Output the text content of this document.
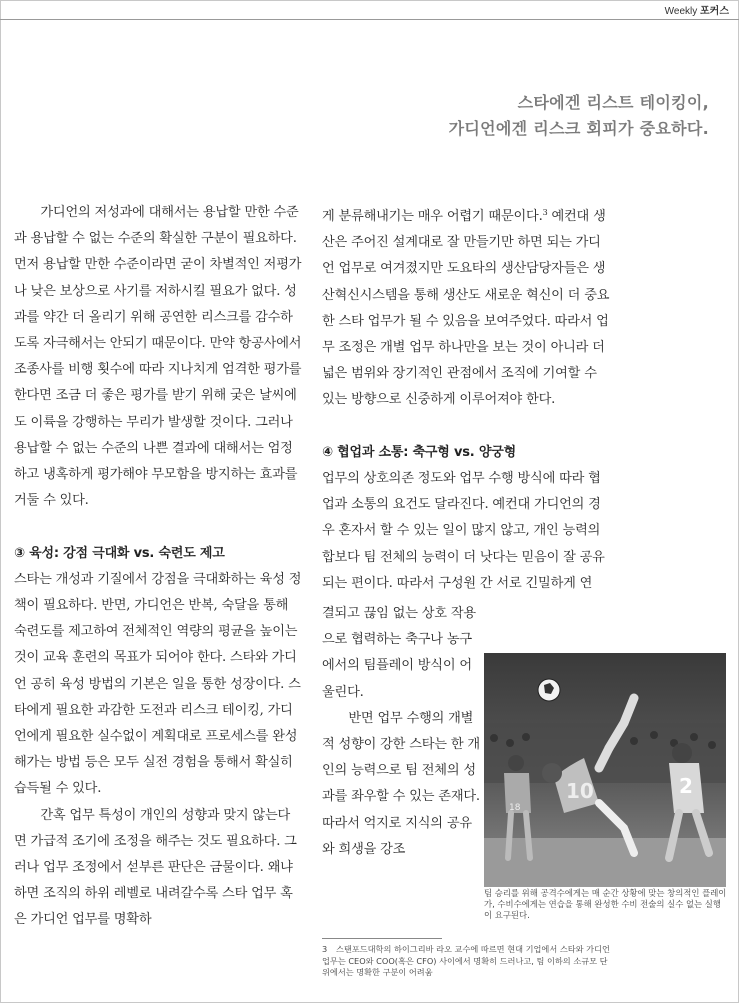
Weekly 포커스
스타에겐 리스트 테이킹이,
가디언에겐 리스크 회피가 중요하다.

가디언의 저성과에 대해서는 용납할 만한 수준과 용납할 수 없는 수준의 확실한 구분이 필요하다. 먼저 용납할 만한 수준이라면 굳이 차별적인 저평가나 낮은 보상으로 사기를 저하시킬 필요가 없다. 성과를 약간 더 올리기 위해 공연한 리스크를 감수하도록 자극해서는 안되기 때문이다. 만약 항공사에서 조종사를 비행 횟수에 따라 지나치게 엄격한 평가를 한다면 조금 더 좋은 평가를 받기 위해 궂은 날씨에도 이륙을 강행하는 무리가 발생할 것이다. 그러나 용납할 수 없는 수준의 나쁜 결과에 대해서는 엄정하고 냉혹하게 평가해야 무모함을 방지하는 효과를 거둘 수 있다.

③ 육성: 강점 극대화 vs. 숙련도 제고

스타는 개성과 기질에서 강점을 극대화하는 육성 정책이 필요하다. 반면, 가디언은 반복, 숙달을 통해 숙련도를 제고하여 전체적인 역량의 평균을 높이는 것이 교육 훈련의 목표가 되어야 한다. 스타와 가디언 공히 육성 방법의 기본은 일을 통한 성장이다. 스타에게 필요한 과감한 도전과 리스크 테이킹, 가디언에게 필요한 실수없이 계획대로 프로세스를 완성해가는 방법 등은 모두 실전 경험을 통해서 확실히 습득될 수 있다.

간혹 업무 특성이 개인의 성향과 맞지 않는다면 가급적 조기에 조정을 해주는 것도 필요하다. 그러나 업무 조정에서 섣부른 판단은 금물이다. 왜냐하면 조직의 하위 레벨로 내려갈수록 스타 업무 혹은 가디언 업무를 명확하

게 분류해내기는 매우 어렵기 때문이다.$^3$ 예컨대 생산은 주어진 설계대로 잘 만들기만 하면 되는 가디언 업무로 여겨졌지만 도요타의 생산담당자들은 생산혁신시스템을 통해 생산도 새로운 혁신이 더 중요한 스타 업무가 될 수 있음을 보여주었다. 따라서 업무 조정은 개별 업무 하나만을 보는 것이 아니라 더 넓은 범위와 장기적인 관점에서 조직에 기여할 수 있는 방향으로 신중하게 이루어져야 한다.

④ 협업과 소통: 축구형 vs. 양궁형

업무의 상호의존 정도와 업무 수행 방식에 따라 협업과 소통의 요건도 달라진다. 예컨대 가디언의 경우 혼자서 할 수 있는 일이 많지 않고, 개인 능력의 합보다 팀 전체의 능력이 더 낫다는 믿음이 잘 공유되는 편이다. 따라서 구성원 간 서로 긴밀하게 연

결되고 끊임 없는 상호 작용으로 협력하는 축구나 농구에서의 팀플레이 방식이 어울린다.

반면 업무 수행의 개별적 성향이 강한 스타는 한 개인의 능력으로 팀 전체의 성과를 좌우할 수 있는 존재다. 따라서 억지로 지식의 공유와 희생을 강조

10	2
18
팀 승리를 위해 공격수에게는 매 순간 상황에 맞는 창의적인 플레이가, 수비수에게는 연습을 통해 완성한 수비 전술의 실수 없는 실행이 요구된다.
3 스탠포드대학의 하이그리바 라오 교수에 따르면 현대 기업에서 스타와 가디언 업무는 CEO와 COO(혹은 CFO) 사이에서 명확히 드러나고, 팀 이하의 소규모 단위에서는 명확한 구분이 어려움
